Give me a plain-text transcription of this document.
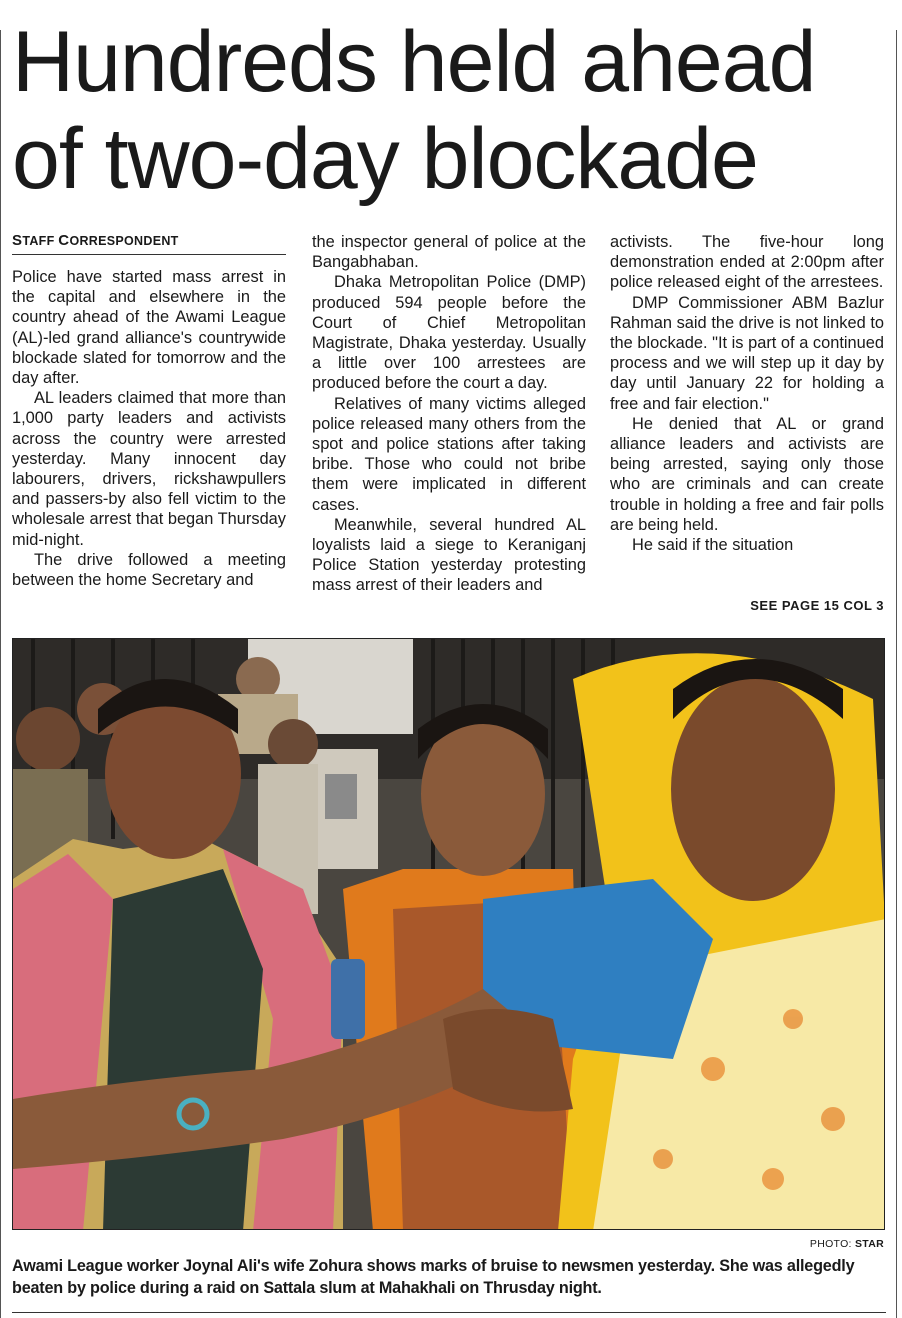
Hundreds held ahead of two-day blockade
STAFF CORRESPONDENT

Police have started mass arrest in the capital and elsewhere in the country ahead of the Awami League (AL)-led grand alliance's countrywide blockade slated for tomorrow and the day after.

AL leaders claimed that more than 1,000 party leaders and activists across the country were arrested yesterday. Many innocent day labourers, drivers, rickshawpullers and passers-by also fell victim to the wholesale arrest that began Thursday mid-night.

The drive followed a meeting between the home Secretary and

the inspector general of police at the Bangabhaban.

Dhaka Metropolitan Police (DMP) produced 594 people before the Court of Chief Metropolitan Magistrate, Dhaka yesterday. Usually a little over 100 arrestees are produced before the court a day.

Relatives of many victims alleged police released many others from the spot and police stations after taking bribe. Those who could not bribe them were implicated in different cases.

Meanwhile, several hundred AL loyalists laid a siege to Keraniganj Police Station yesterday protesting mass arrest of their leaders and

activists. The five-hour long demonstration ended at 2:00pm after police released eight of the arrestees.

DMP Commissioner ABM Bazlur Rahman said the drive is not linked to the blockade. "It is part of a continued process and we will step up it day by day until January 22 for holding a free and fair election."

He denied that AL or grand alliance leaders and activists are being arrested, saying only those who are criminals and can create trouble in holding a free and fair polls are being held.

He said if the situation

SEE PAGE 15 COL 3
PHOTO: STAR
Awami League worker Joynal Ali's wife Zohura shows marks of bruise to newsmen yesterday. She was allegedly beaten by police during a raid on Sattala slum at Mahakhali on Thrusday night.
